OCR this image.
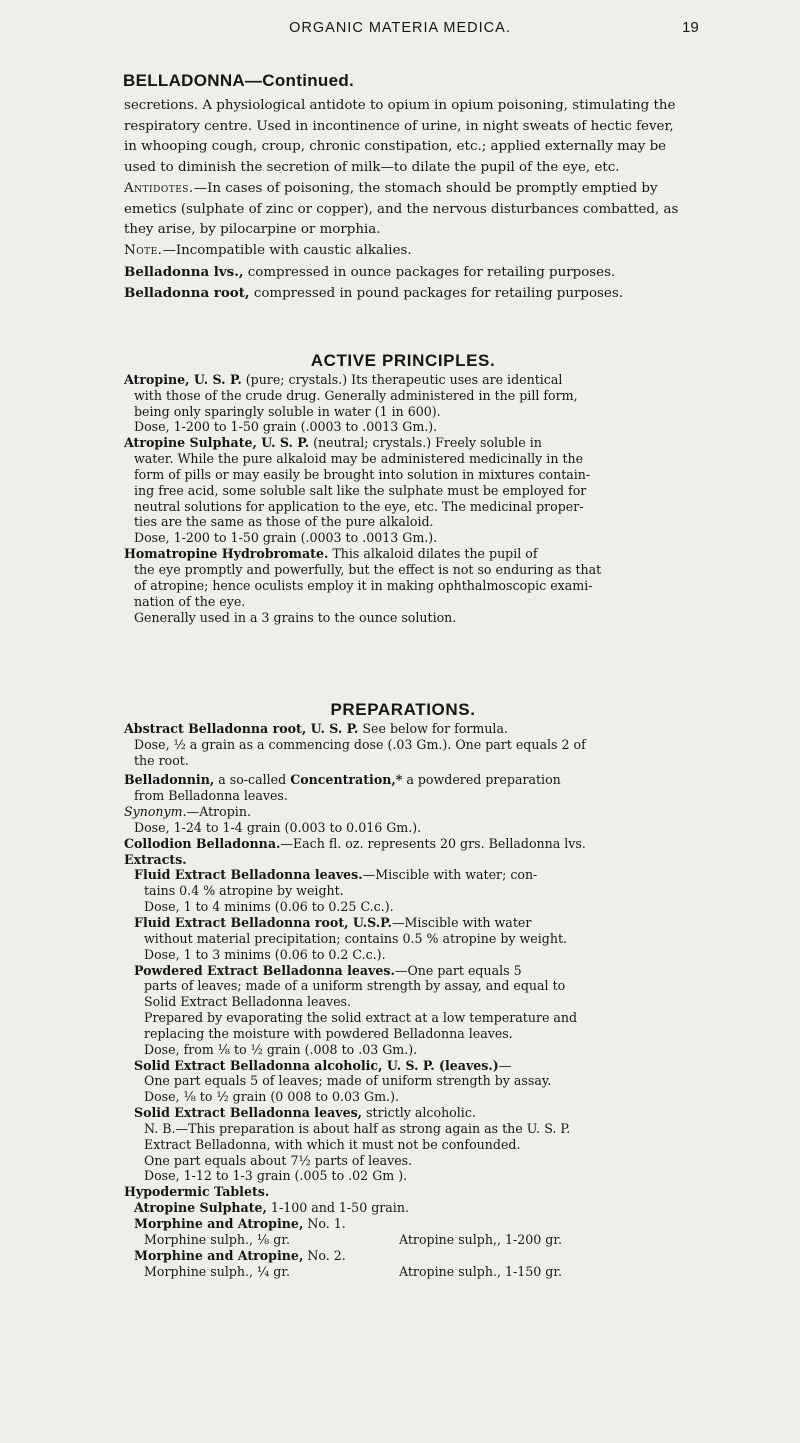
ORGANIC MATERIA MEDICA.	19
BELLADONNA—Continued.

secretions. A physiological antidote to opium in opium poisoning, stimulating the respiratory centre. Used in incontinence of urine, in night sweats of hectic fever, in whooping cough, croup, chronic constipation, etc.; applied externally may be used to diminish the secretion of milk—to dilate the pupil of the eye, etc.

Antidotes.—In cases of poisoning, the stomach should be promptly emptied by emetics (sulphate of zinc or copper), and the nervous disturbances combatted, as they arise, by pilocarpine or morphia.

Note.—Incompatible with caustic alkalies.

Belladonna lvs., compressed in ounce packages for retailing purposes.

Belladonna root, compressed in pound packages for retailing purposes.

ACTIVE PRINCIPLES.

Atropine, U. S. P. (pure; crystals.) Its therapeutic uses are identical

with those of the crude drug. Generally administered in the pill form,

being only sparingly soluble in water (1 in 600).

Dose, 1-200 to 1-50 grain (.0003 to .0013 Gm.).

Atropine Sulphate, U. S. P. (neutral; crystals.) Freely soluble in

water. While the pure alkaloid may be administered medicinally in the

form of pills or may easily be brought into solution in mixtures contain-

ing free acid, some soluble salt like the sulphate must be employed for

neutral solutions for application to the eye, etc. The medicinal proper-

ties are the same as those of the pure alkaloid.

Dose, 1-200 to 1-50 grain (.0003 to .0013 Gm.).

Homatropine Hydrobromate. This alkaloid dilates the pupil of

the eye promptly and powerfully, but the effect is not so enduring as that

of atropine; hence oculists employ it in making ophthalmoscopic exami-

nation of the eye.

Generally used in a 3 grains to the ounce solution.

PREPARATIONS.

Abstract Belladonna root, U. S. P. See below for formula.

Dose, ½ a grain as a commencing dose (.03 Gm.). One part equals 2 of

the root.

Belladonnin, a so-called Concentration,* a powdered preparation

from Belladonna leaves.

Synonym.—Atropin.

Dose, 1-24 to 1-4 grain (0.003 to 0.016 Gm.).

Collodion Belladonna.—Each fl. oz. represents 20 grs. Belladonna lvs.

Extracts.

Fluid Extract Belladonna leaves.—Miscible with water; con-

tains 0.4 % atropine by weight.

Dose, 1 to 4 minims (0.06 to 0.25 C.c.).

Fluid Extract Belladonna root, U.S.P.—Miscible with water

without material precipitation; contains 0.5 % atropine by weight.

Dose, 1 to 3 minims (0.06 to 0.2 C.c.).

Powdered Extract Belladonna leaves.—One part equals 5

parts of leaves; made of a uniform strength by assay, and equal to

Solid Extract Belladonna leaves.

Prepared by evaporating the solid extract at a low temperature and

replacing the moisture with powdered Belladonna leaves.

Dose, from ⅛ to ½ grain (.008 to .03 Gm.).

Solid Extract Belladonna alcoholic, U. S. P. (leaves.)—

One part equals 5 of leaves; made of uniform strength by assay.

Dose, ⅛ to ½ grain (0 008 to 0.03 Gm.).

Solid Extract Belladonna leaves, strictly alcoholic.

N. B.—This preparation is about half as strong again as the U. S. P.

Extract Belladonna, with which it must not be confounded.

One part equals about 7½ parts of leaves.

Dose, 1-12 to 1-3 grain (.005 to .02 Gm ).

Hypodermic Tablets.

Atropine Sulphate, 1-100 and 1-50 grain.

Morphine and Atropine, No. 1.

Morphine sulph., ⅛ gr.	Atropine sulph,, 1-200 gr.

Morphine and Atropine, No. 2.

Morphine sulph., ¼ gr.	Atropine sulph., 1-150 gr.
